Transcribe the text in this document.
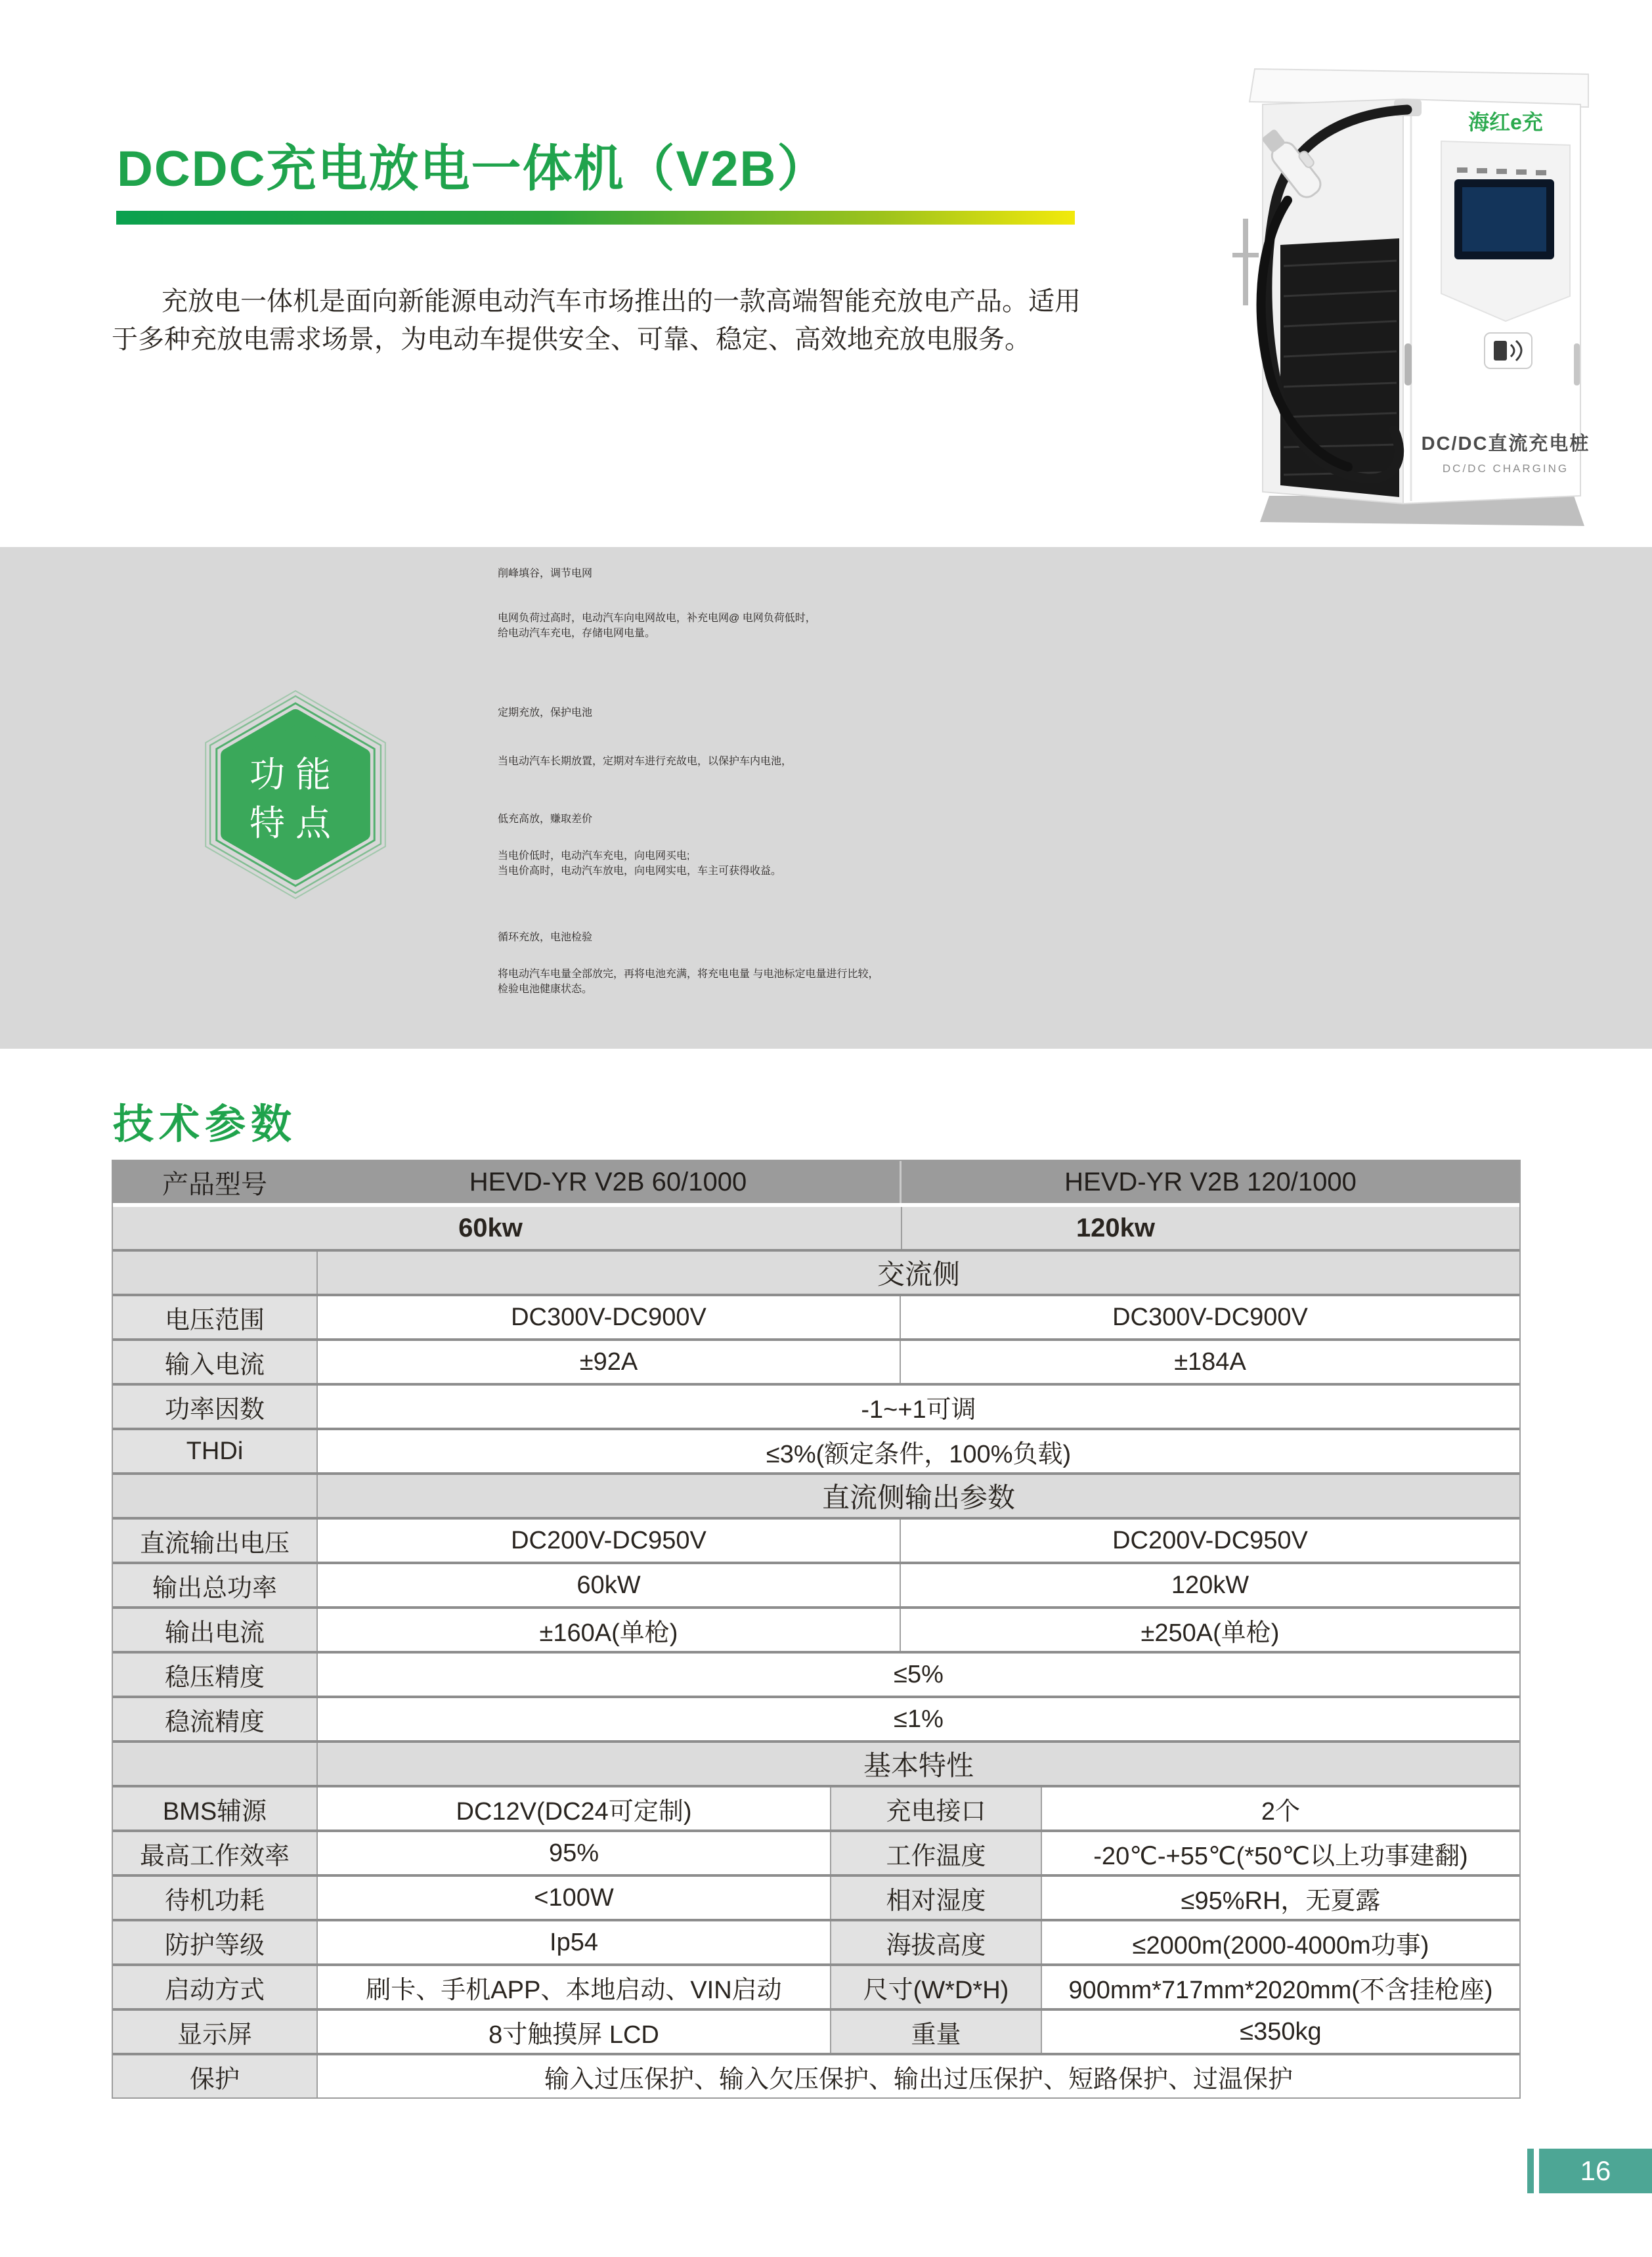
DCDC充电放电一体机（V2B）
充放电一体机是面向新能源电动汽车市场推出的一款高端智能充放电产品。适用
于多种充放电需求场景，为电动车提供安全、可靠、稳定、高效地充放电服务。
海红e充
DC/DC直流充电桩
DC/DC CHARGING
功能
特点
削峰填谷，调节电网
电网负荷过高时，电动汽车向电网故电，补充电网@ 电网负荷低时，
给电动汽车充电，存储电网电量。
定期充放，保护电池
当电动汽车长期放置，定期对车进行充故电，以保护车内电池，
低充高放，赚取差价
当电价低时，电动汽车充电，向电网买电;
当电价高时，电动汽车放电，向电网实电，车主可获得收益。
循环充放，电池检验
将电动汽车电量全部放完，再将电池充满，将充电电量 与电池标定电量进行比较，
检验电池健康状态。
技术参数
产品型号	HEVD-YR V2B 60/1000	HEVD-YR V2B 120/1000
60kw	120kw
交流侧
电压范围	DC300V-DC900V	DC300V-DC900V
输入电流	±92A	±184A
功率因数	-1~+1可调
THDi	≤3%(额定条件，100%负载)
直流侧输出参数
直流输出电压	DC200V-DC950V	DC200V-DC950V
输出总功率	60kW	120kW
输出电流	±160A(单枪)	±250A(单枪)
稳压精度	≤5%
稳流精度	≤1%
基本特性
BMS辅源	DC12V(DC24可定制)	充电接口	2个
最高工作效率	95%	工作温度	-20℃-+55℃(*50℃以上功事建翻)
待机功耗	<100W	相对湿度	≤95%RH，无夏露
防护等级	Ip54	海拔高度	≤2000m(2000-4000m功事)
启动方式	刷卡、手机APP、本地启动、VIN启动	尺寸(W*D*H)	900mm*717mm*2020mm(不含挂枪座)
显示屏	8寸触摸屏 LCD	重量	≤350kg
保护	输入过压保护、输入欠压保护、输出过压保护、短路保护、过温保护
16
